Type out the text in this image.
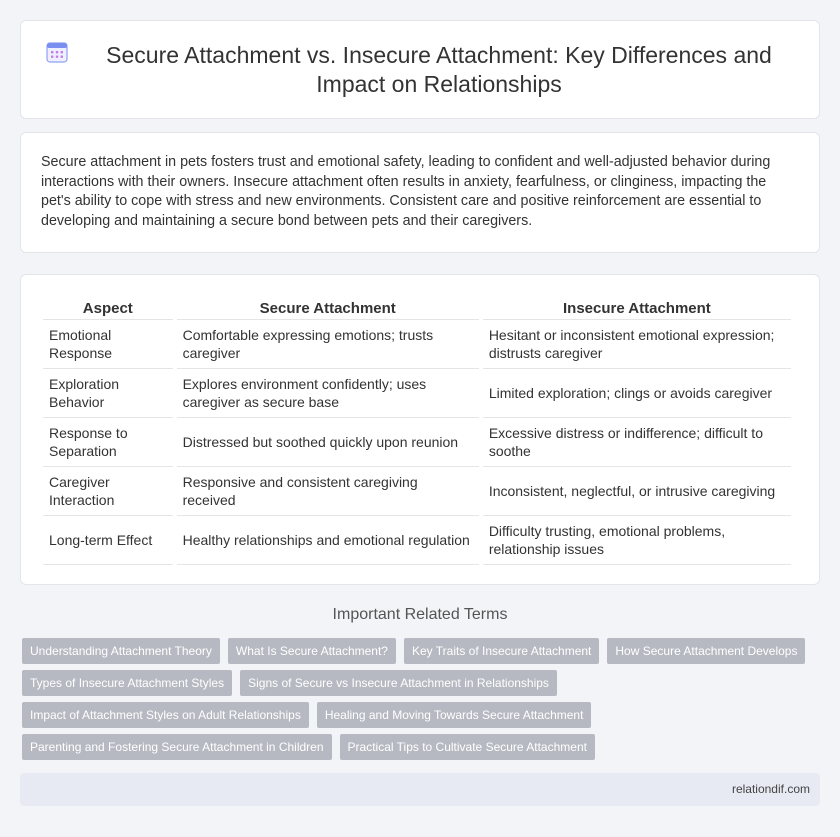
Secure Attachment vs. Insecure Attachment: Key Differences and Impact on Relationships

Secure attachment in pets fosters trust and emotional safety, leading to confident and well-adjusted behavior during interactions with their owners. Insecure attachment often results in anxiety, fearfulness, or clinginess, impacting the pet's ability to cope with stress and new environments. Consistent care and positive reinforcement are essential to developing and maintaining a secure bond between pets and their caregivers.

Aspect	Secure Attachment	Insecure Attachment
Emotional Response	Comfortable expressing emotions; trusts caregiver	Hesitant or inconsistent emotional expression; distrusts caregiver
Exploration Behavior	Explores environment confidently; uses caregiver as secure base	Limited exploration; clings or avoids caregiver
Response to Separation	Distressed but soothed quickly upon reunion	Excessive distress or indifference; difficult to soothe
Caregiver Interaction	Responsive and consistent caregiving received	Inconsistent, neglectful, or intrusive caregiving
Long-term Effect	Healthy relationships and emotional regulation	Difficulty trusting, emotional problems, relationship issues
Important Related Terms
Understanding Attachment Theory	What Is Secure Attachment?	Key Traits of Insecure Attachment	How Secure Attachment Develops
Types of Insecure Attachment Styles	Signs of Secure vs Insecure Attachment in Relationships
Impact of Attachment Styles on Adult Relationships	Healing and Moving Towards Secure Attachment
Parenting and Fostering Secure Attachment in Children	Practical Tips to Cultivate Secure Attachment
relationdif.com
